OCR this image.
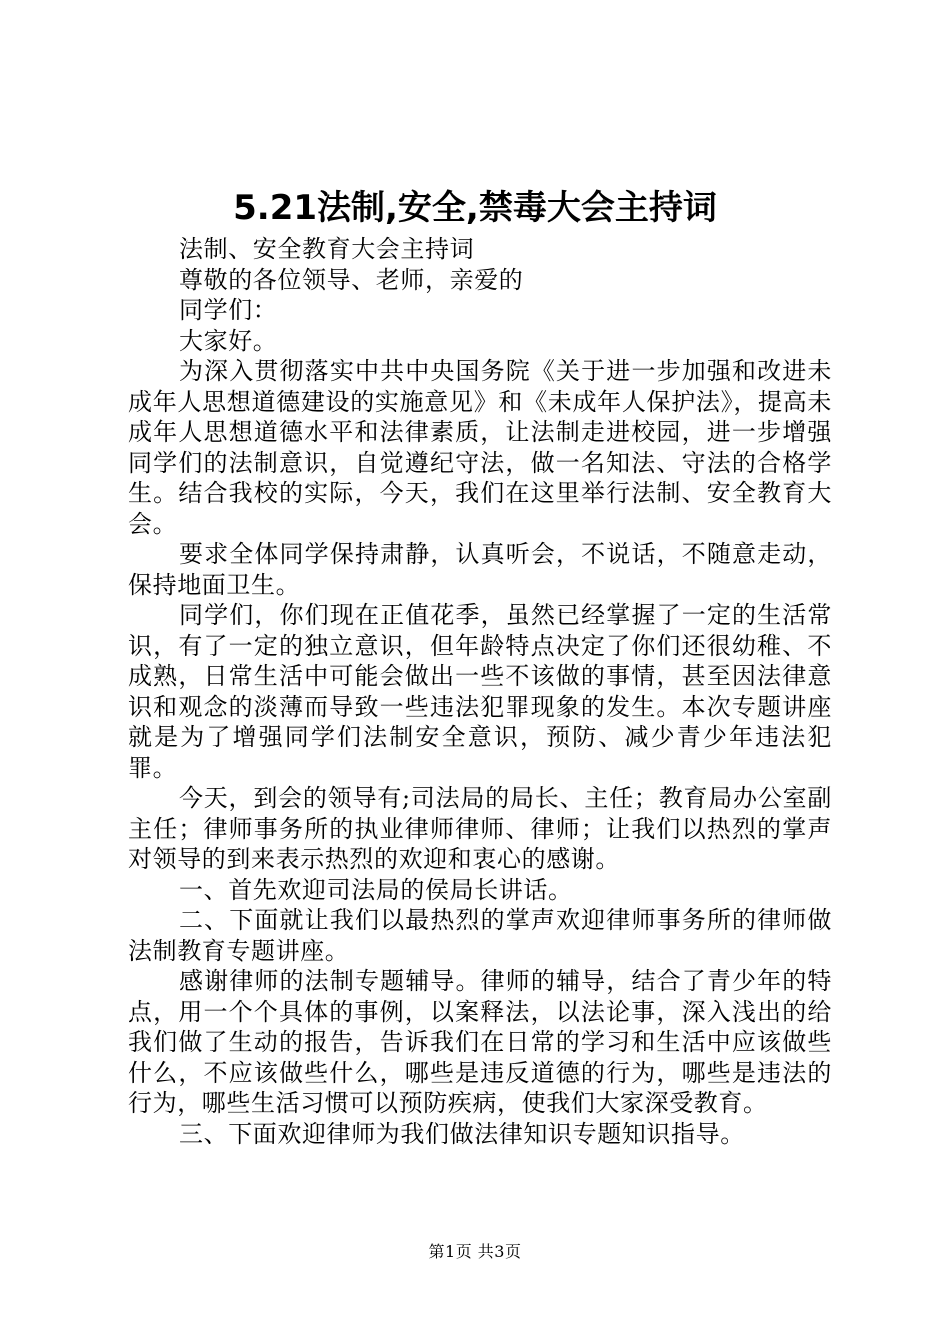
5.21法制,安全,禁毒大会主持词

法制、安全教育大会主持词

尊敬的各位领导、老师，亲爱的

同学们：

大家好。

为深入贯彻落实中共中央国务院《关于进一步加强和改进未成年人思想道德建设的实施意见》和《未成年人保护法》，提高未成年人思想道德水平和法律素质，让法制走进校园，进一步增强同学们的法制意识，自觉遵纪守法，做一名知法、守法的合格学生。结合我校的实际，今天，我们在这里举行法制、安全教育大会。

要求全体同学保持肃静，认真听会，不说话，不随意走动，保持地面卫生。

同学们，你们现在正值花季，虽然已经掌握了一定的生活常识，有了一定的独立意识，但年龄特点决定了你们还很幼稚、不成熟，日常生活中可能会做出一些不该做的事情，甚至因法律意识和观念的淡薄而导致一些违法犯罪现象的发生。本次专题讲座就是为了增强同学们法制安全意识，预防、减少青少年违法犯罪。

今天，到会的领导有;司法局的局长、主任；教育局办公室副主任；律师事务所的执业律师律师、律师；让我们以热烈的掌声对领导的到来表示热烈的欢迎和衷心的感谢。

一、首先欢迎司法局的侯局长讲话。

二、下面就让我们以最热烈的掌声欢迎律师事务所的律师做法制教育专题讲座。

感谢律师的法制专题辅导。律师的辅导，结合了青少年的特点，用一个个具体的事例，以案释法，以法论事，深入浅出的给我们做了生动的报告，告诉我们在日常的学习和生活中应该做些什么，不应该做些什么，哪些是违反道德的行为，哪些是违法的行为，哪些生活习惯可以预防疾病，使我们大家深受教育。

三、下面欢迎律师为我们做法律知识专题知识指导。

第1页 共3页
